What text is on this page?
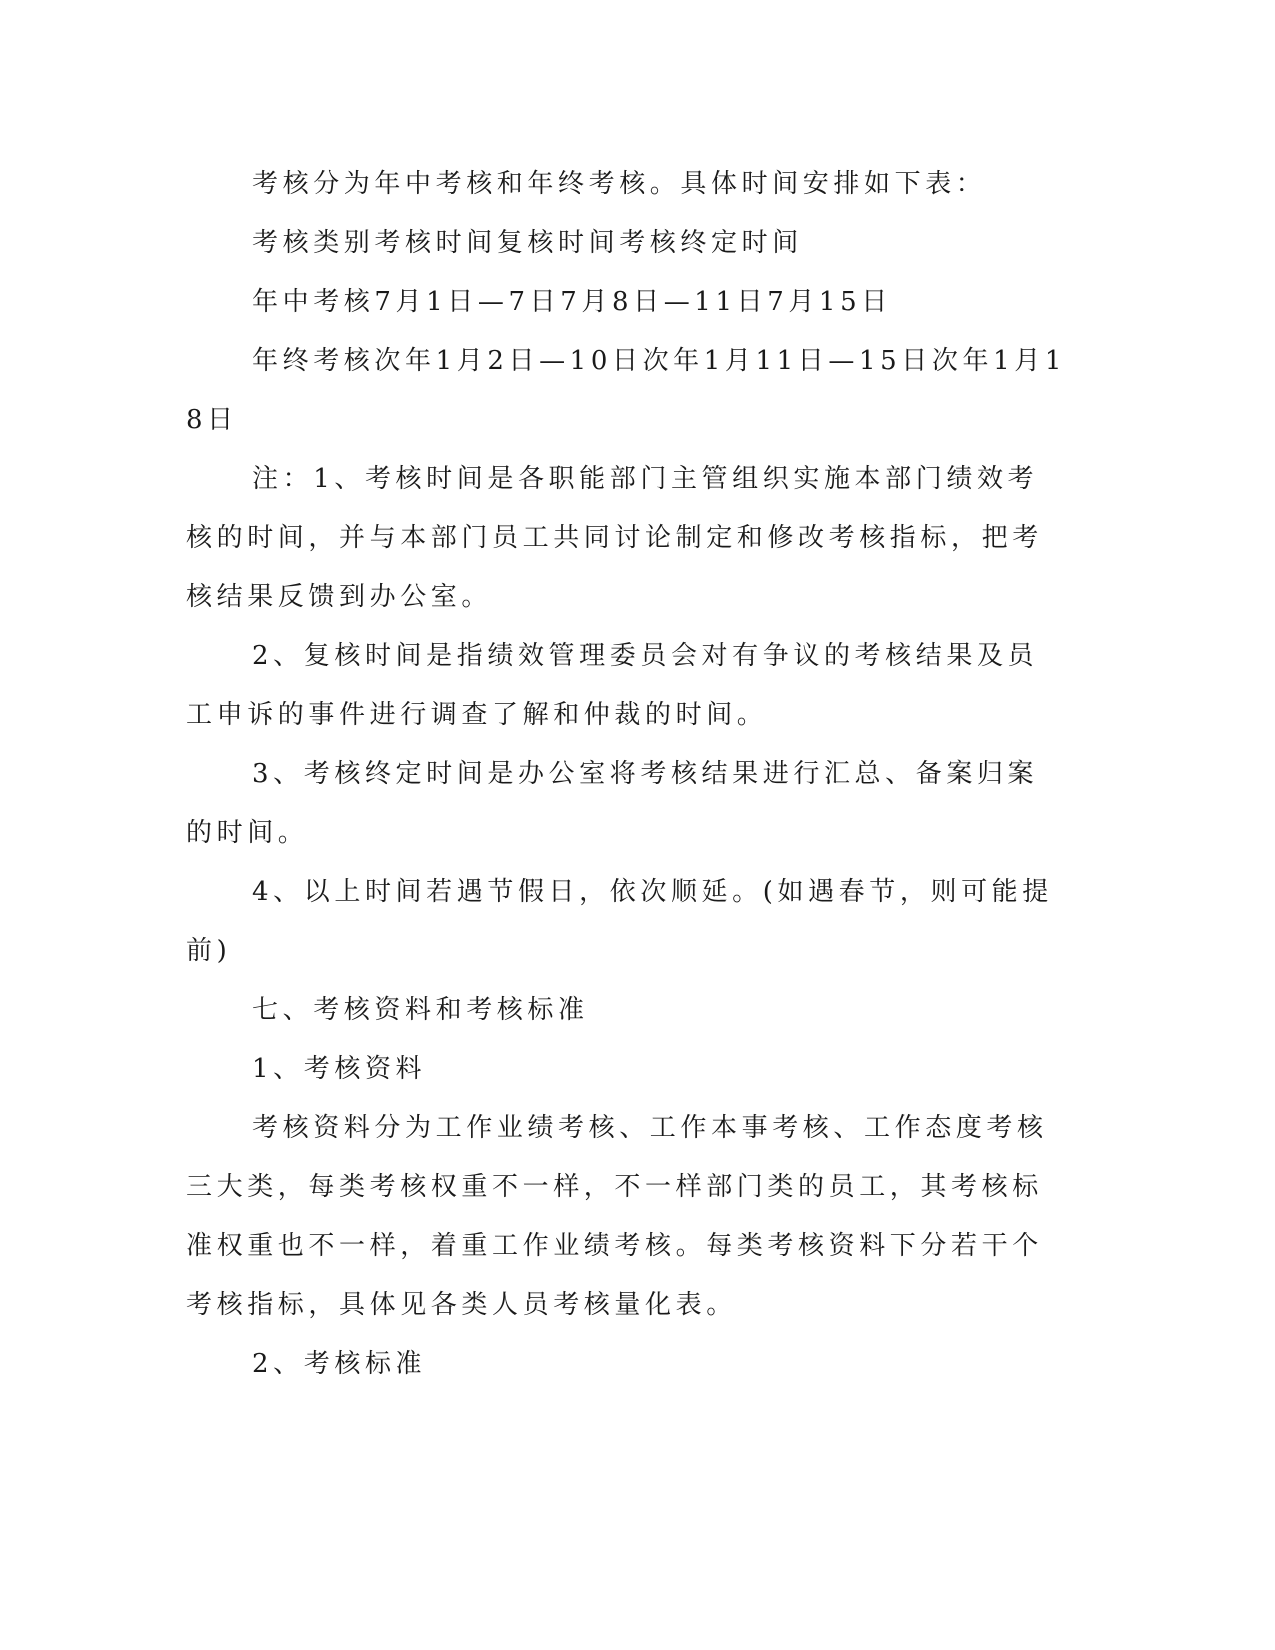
考核分为年中考核和年终考核。具体时间安排如下表：

考核类别考核时间复核时间考核终定时间

年中考核7月1日—7日7月8日—11日7月15日

年终考核次年1月2日—10日次年1月11日—15日次年1月18日

注：1、考核时间是各职能部门主管组织实施本部门绩效考核的时间，并与本部门员工共同讨论制定和修改考核指标，把考核结果反馈到办公室。

2、复核时间是指绩效管理委员会对有争议的考核结果及员工申诉的事件进行调查了解和仲裁的时间。

3、考核终定时间是办公室将考核结果进行汇总、备案归案的时间。

4、以上时间若遇节假日，依次顺延。(如遇春节，则可能提前)

七、考核资料和考核标准

1、考核资料

考核资料分为工作业绩考核、工作本事考核、工作态度考核三大类，每类考核权重不一样，不一样部门类的员工，其考核标准权重也不一样，着重工作业绩考核。每类考核资料下分若干个考核指标，具体见各类人员考核量化表。

2、考核标准
